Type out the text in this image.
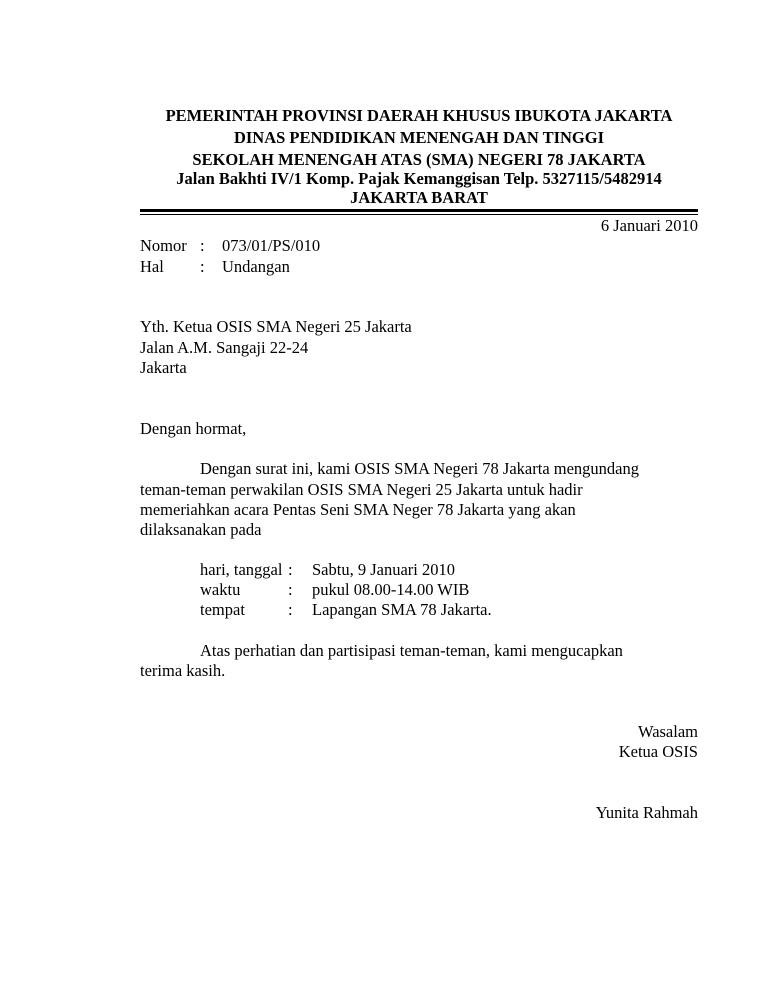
PEMERINTAH PROVINSI DAERAH KHUSUS IBUKOTA JAKARTA
DINAS PENDIDIKAN MENENGAH DAN TINGGI
SEKOLAH MENENGAH ATAS (SMA) NEGERI 78 JAKARTA
Jalan Bakhti IV/1 Komp. Pajak Kemanggisan Telp. 5327115/5482914
JAKARTA BARAT
6 Januari 2010
Nomor : 073/01/PS/010
Hal : Undangan
Yth. Ketua OSIS SMA Negeri 25 Jakarta
Jalan A.M. Sangaji 22-24
Jakarta
Dengan hormat,
Dengan surat ini, kami OSIS SMA Negeri 78 Jakarta mengundang
teman-teman perwakilan OSIS SMA Negeri 25 Jakarta untuk hadir
memeriahkan acara Pentas Seni SMA Neger 78 Jakarta yang akan
dilaksanakan pada
hari, tanggal : Sabtu, 9 Januari 2010
waktu	: pukul 08.00-14.00 WIB
tempat	: Lapangan SMA 78 Jakarta.
Atas perhatian dan partisipasi teman-teman, kami mengucapkan
terima kasih.
Wasalam
Ketua OSIS
Yunita Rahmah
